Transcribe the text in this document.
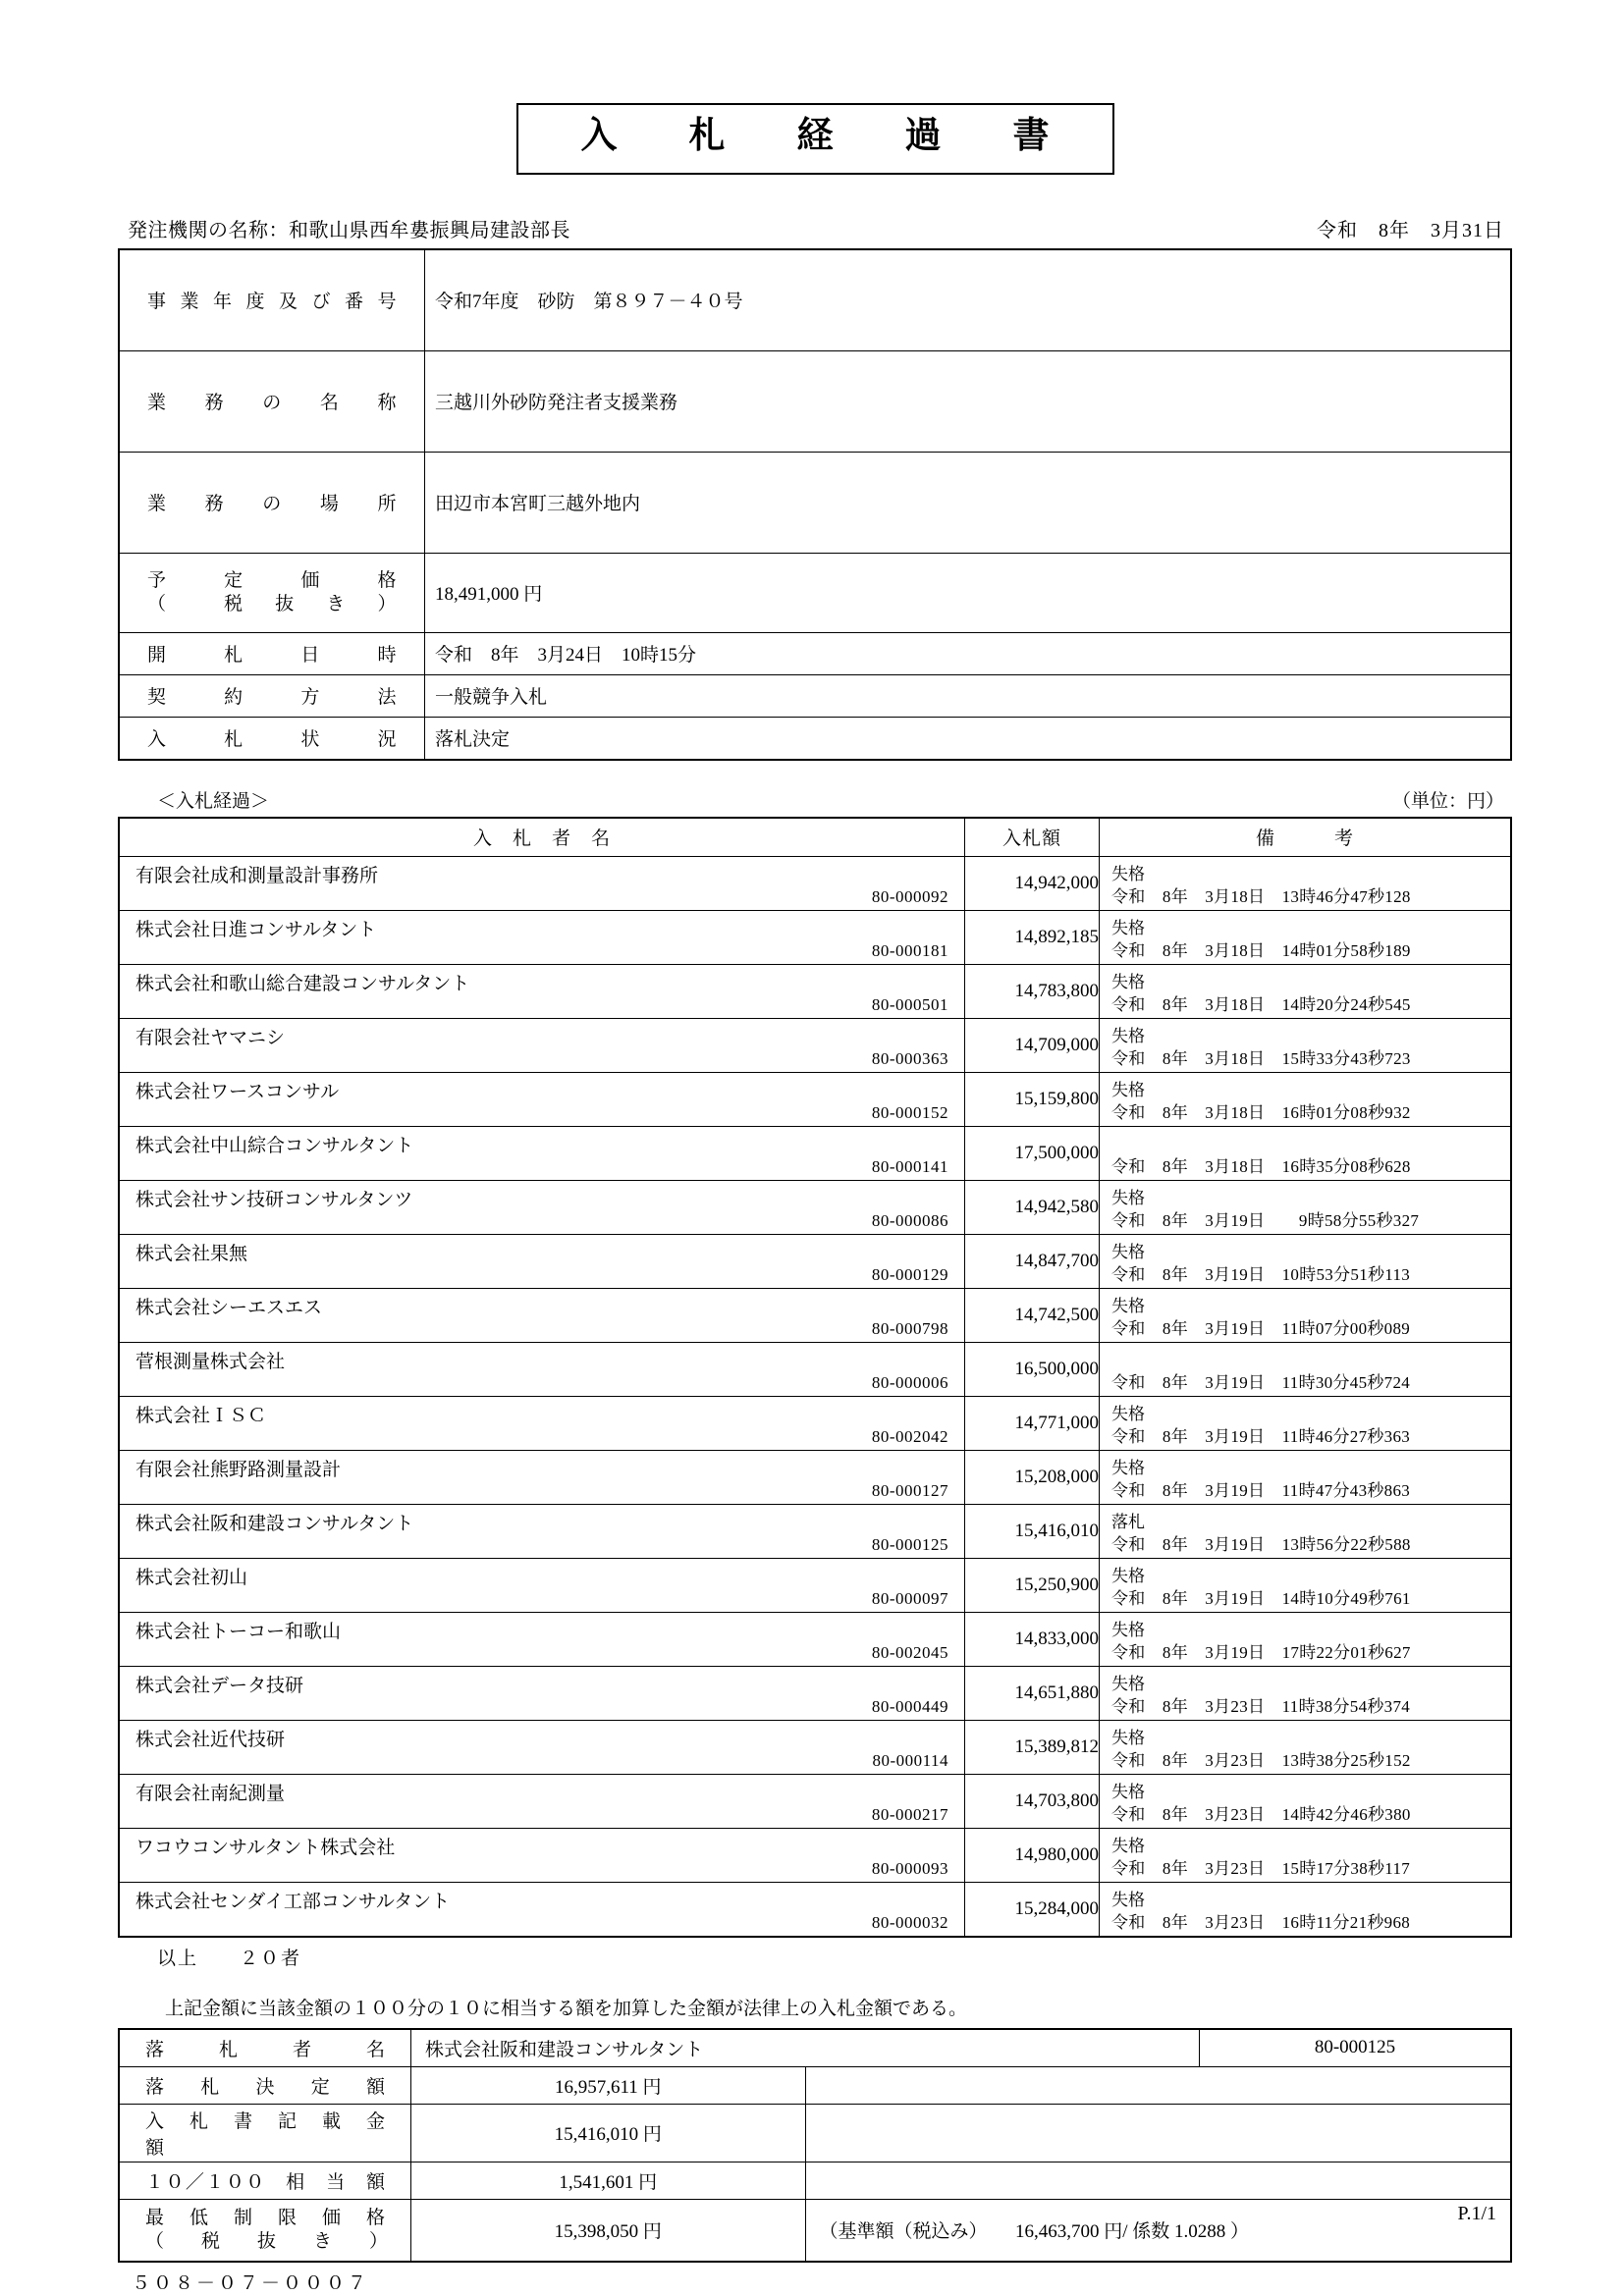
入　札　経　過　書
発注機関の名称：和歌山県西牟婁振興局建設部長	令和　8年　3月31日
事業年度及び番号	令和7年度　砂防　第８９７－４０号

業務の名称	三越川外砂防発注者支援業務

業務の場所	田辺市本宮町三越外地内

予　　定　　価　　格
（　　税　抜　き　）	18,491,000 円

開　　札　　日　　時	令和　8年　3月24日　10時15分

契　　約　　方　　法	一般競争入札

入　　札　　状　　況	落札決定
＜入札経過＞	（単位：円）
入　札　者　名	入札額	備　　　考

有限会社成和測量設計事務所
80-000092	14,942,000	失格
令和　8年　3月18日　13時46分47秒128

株式会社日進コンサルタント
80-000181	14,892,185	失格
令和　8年　3月18日　14時01分58秒189

株式会社和歌山総合建設コンサルタント
80-000501	14,783,800	失格
令和　8年　3月18日　14時20分24秒545

有限会社ヤマニシ
80-000363	14,709,000	失格
令和　8年　3月18日　15時33分43秒723

株式会社ワースコンサル
80-000152	15,159,800	失格
令和　8年　3月18日　16時01分08秒932

株式会社中山綜合コンサルタント
80-000141	17,500,000	令和　8年　3月18日　16時35分08秒628

株式会社サン技研コンサルタンツ
80-000086	14,942,580	失格
令和　8年　3月19日　　9時58分55秒327

株式会社果無
80-000129	14,847,700	失格
令和　8年　3月19日　10時53分51秒113

株式会社シーエスエス
80-000798	14,742,500	失格
令和　8年　3月19日　11時07分00秒089

菅根測量株式会社
80-000006	16,500,000	令和　8年　3月19日　11時30分45秒724

株式会社ＩＳＣ
80-002042	14,771,000	失格
令和　8年　3月19日　11時46分27秒363

有限会社熊野路測量設計
80-000127	15,208,000	失格
令和　8年　3月19日　11時47分43秒863

株式会社阪和建設コンサルタント
80-000125	15,416,010	落札
令和　8年　3月19日　13時56分22秒588

株式会社初山
80-000097	15,250,900	失格
令和　8年　3月19日　14時10分49秒761

株式会社トーコー和歌山
80-002045	14,833,000	失格
令和　8年　3月19日　17時22分01秒627

株式会社データ技研
80-000449	14,651,880	失格
令和　8年　3月23日　11時38分54秒374

株式会社近代技研
80-000114	15,389,812	失格
令和　8年　3月23日　13時38分25秒152

有限会社南紀測量
80-000217	14,703,800	失格
令和　8年　3月23日　14時42分46秒380

ワコウコンサルタント株式会社
80-000093	14,980,000	失格
令和　8年　3月23日　15時17分38秒117

株式会社センダイ工部コンサルタント
80-000032	15,284,000	失格
令和　8年　3月23日　16時11分21秒968
以上　　２０者
上記金額に当該金額の１００分の１０に相当する額を加算した金額が法律上の入札金額である。
落　　札　　者　　名	株式会社阪和建設コンサルタント		80-000125

落　札　決　定　額	16,957,611 円		

入　札　書　記　載　金　額	15,416,010 円		

１０／１００　相　当　額	1,541,601 円		

最　低　制　限　価　格
（　　税　　抜　　き　　）	15,398,050 円	（基準額（税込み）　　16,463,700 円/ 係数 1.0288 ）	
５０８－０７－０００７
P.1/1
